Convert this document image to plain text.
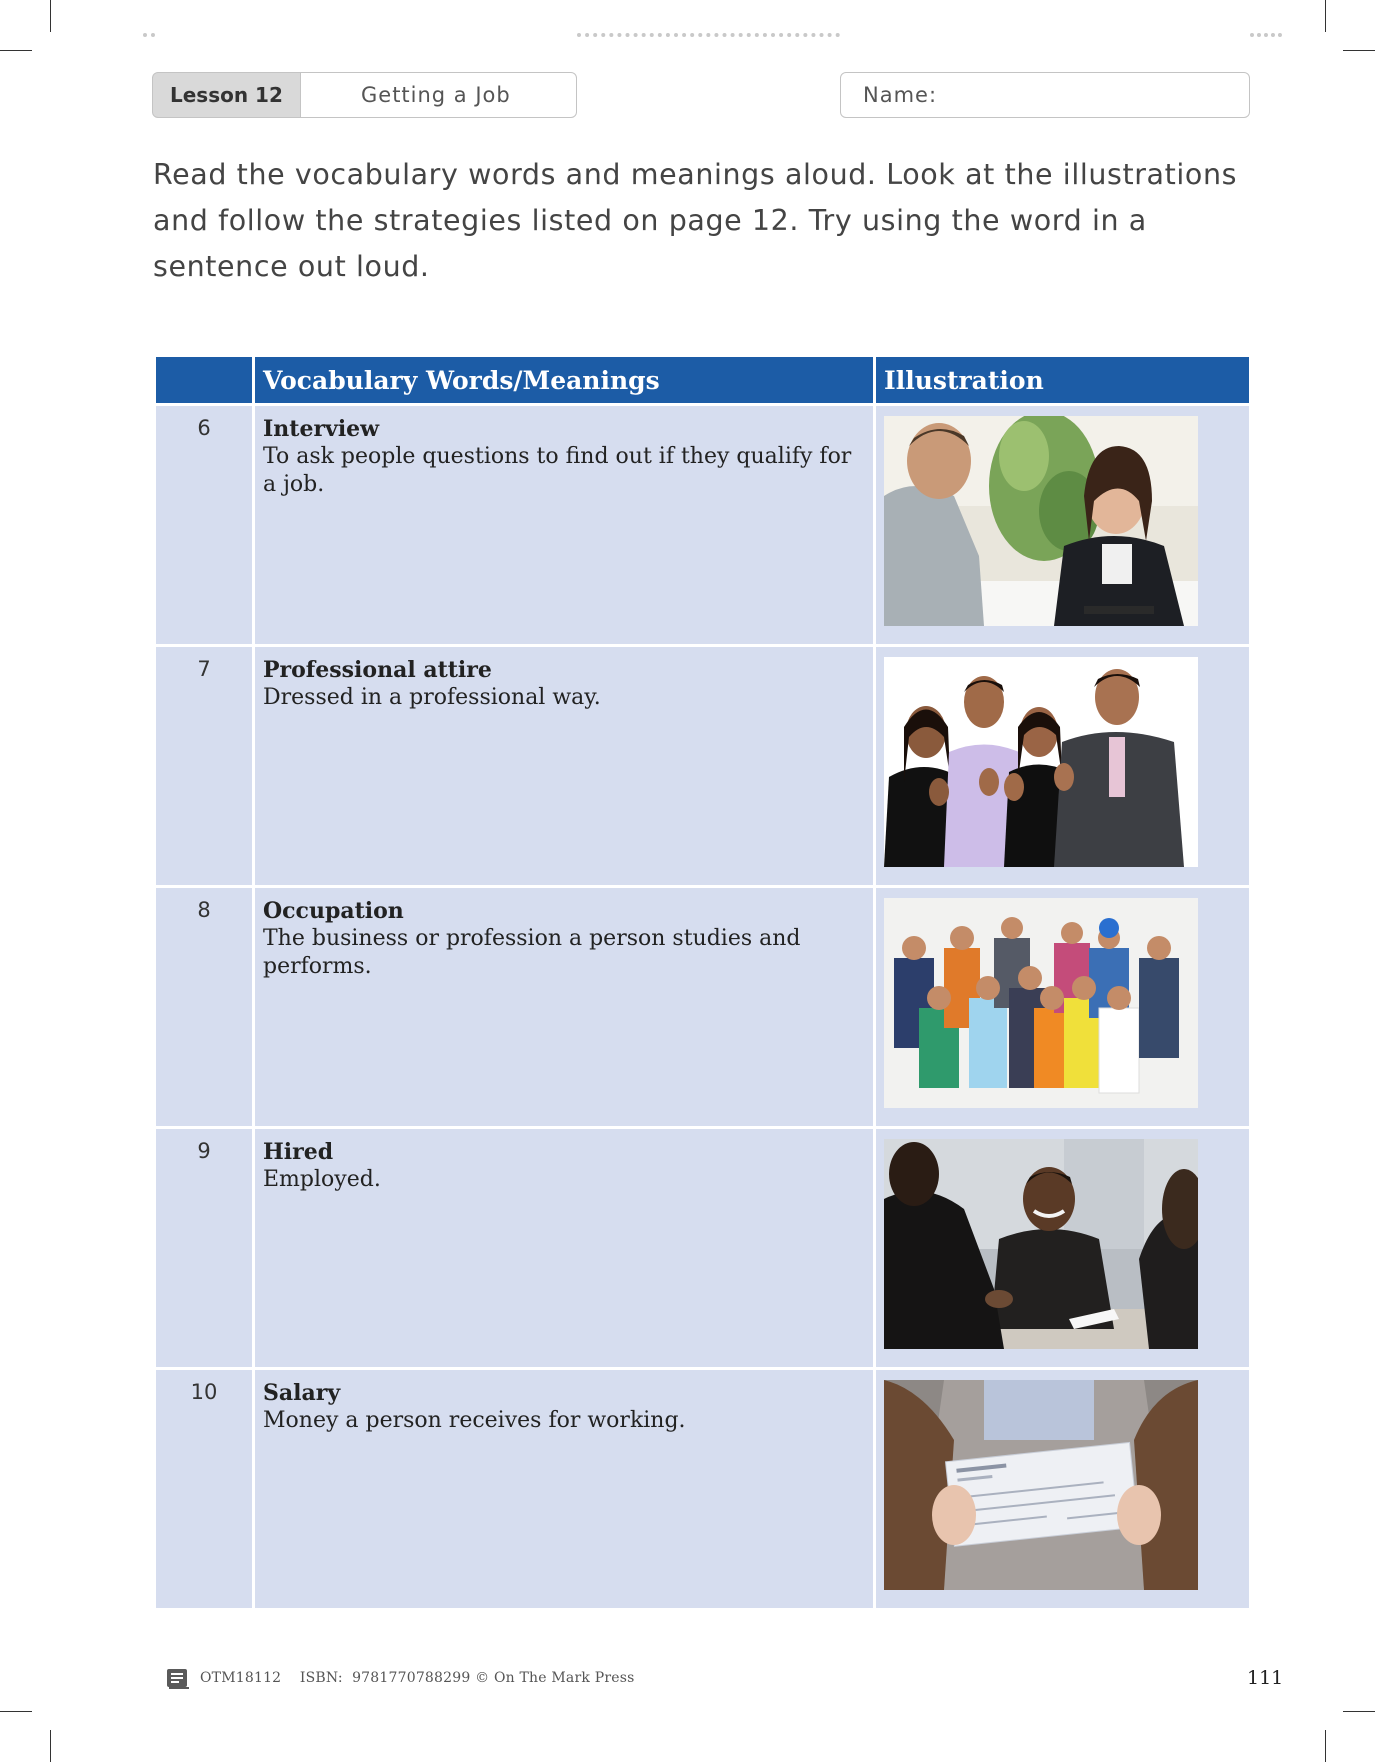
Lesson 12	Getting a Job	Name:
Read the vocabulary words and meanings aloud. Look at the illustrations and follow the strategies listed on page 12. Try using the word in a sentence out loud.
	Vocabulary Words/Meanings	Illustration
6	Interview
To ask people questions to find out if they qualify for a job.

7	Professional attire
Dressed in a professional way.

8	Occupation
The business or profession a person studies and performs.

9	Hired
Employed.

10	Salary
Money a person receives for working.

OTM18112    ISBN:  9781770788299 © On The Mark Press	111
